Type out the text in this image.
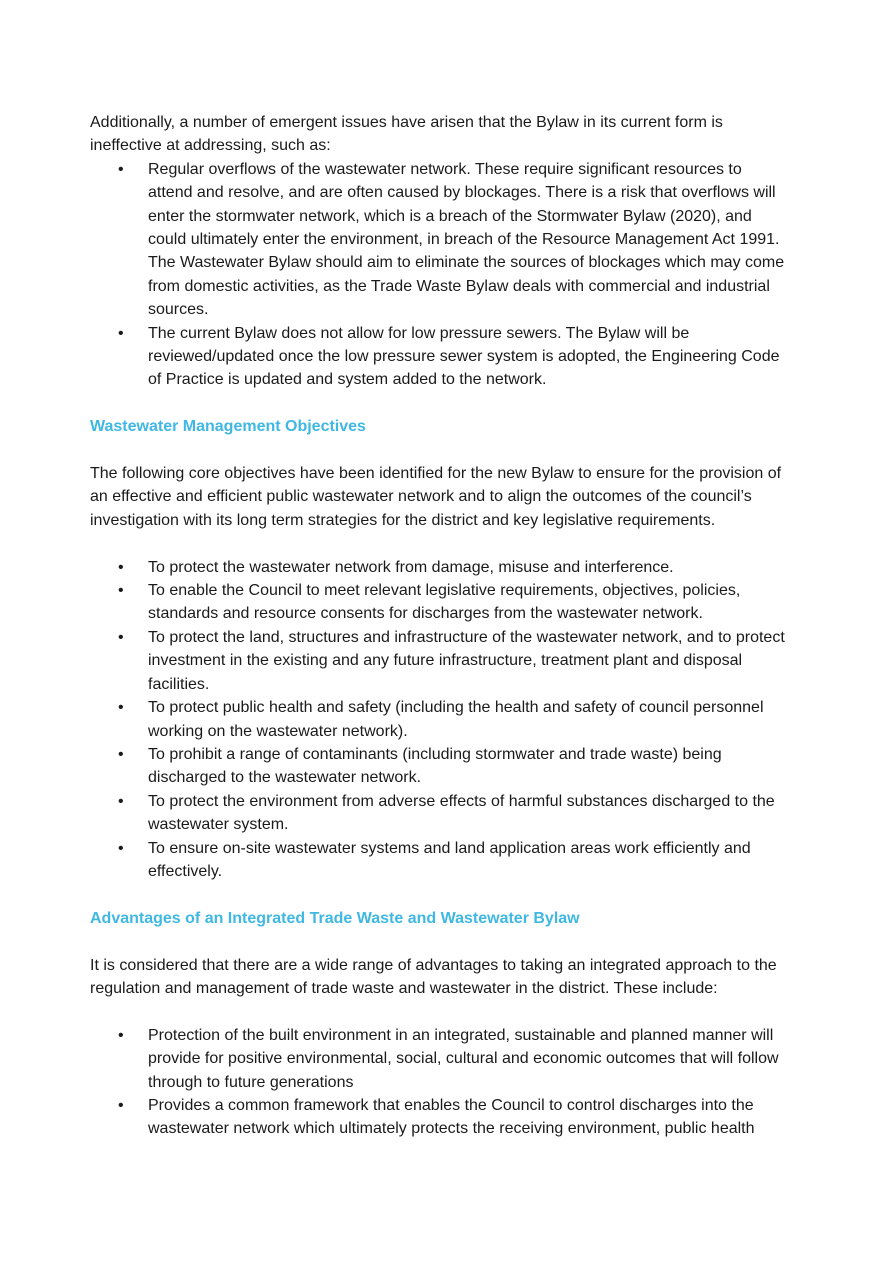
Additionally, a number of emergent issues have arisen that the Bylaw in its current form is ineffective at addressing, such as:

• Regular overflows of the wastewater network. These require significant resources to attend and resolve, and are often caused by blockages. There is a risk that overflows will enter the stormwater network, which is a breach of the Stormwater Bylaw (2020), and could ultimately enter the environment, in breach of the Resource Management Act 1991. The Wastewater Bylaw should aim to eliminate the sources of blockages which may come from domestic activities, as the Trade Waste Bylaw deals with commercial and industrial sources.
• The current Bylaw does not allow for low pressure sewers. The Bylaw will be reviewed/updated once the low pressure sewer system is adopted, the Engineering Code of Practice is updated and system added to the network.
Wastewater Management Objectives

The following core objectives have been identified for the new Bylaw to ensure for the provision of an effective and efficient public wastewater network and to align the outcomes of the council’s investigation with its long term strategies for the district and key legislative requirements.

• To protect the wastewater network from damage, misuse and interference.
• To enable the Council to meet relevant legislative requirements, objectives, policies, standards and resource consents for discharges from the wastewater network.
• To protect the land, structures and infrastructure of the wastewater network, and to protect investment in the existing and any future infrastructure, treatment plant and disposal facilities.
• To protect public health and safety (including the health and safety of council personnel working on the wastewater network).
• To prohibit a range of contaminants (including stormwater and trade waste) being discharged to the wastewater network.
• To protect the environment from adverse effects of harmful substances discharged to the wastewater system.
• To ensure on-site wastewater systems and land application areas work efficiently and effectively.
Advantages of an Integrated Trade Waste and Wastewater Bylaw

It is considered that there are a wide range of advantages to taking an integrated approach to the regulation and management of trade waste and wastewater in the district. These include:

• Protection of the built environment in an integrated, sustainable and planned manner will provide for positive environmental, social, cultural and economic outcomes that will follow through to future generations
• Provides a common framework that enables the Council to control discharges into the wastewater network which ultimately protects the receiving environment, public health
